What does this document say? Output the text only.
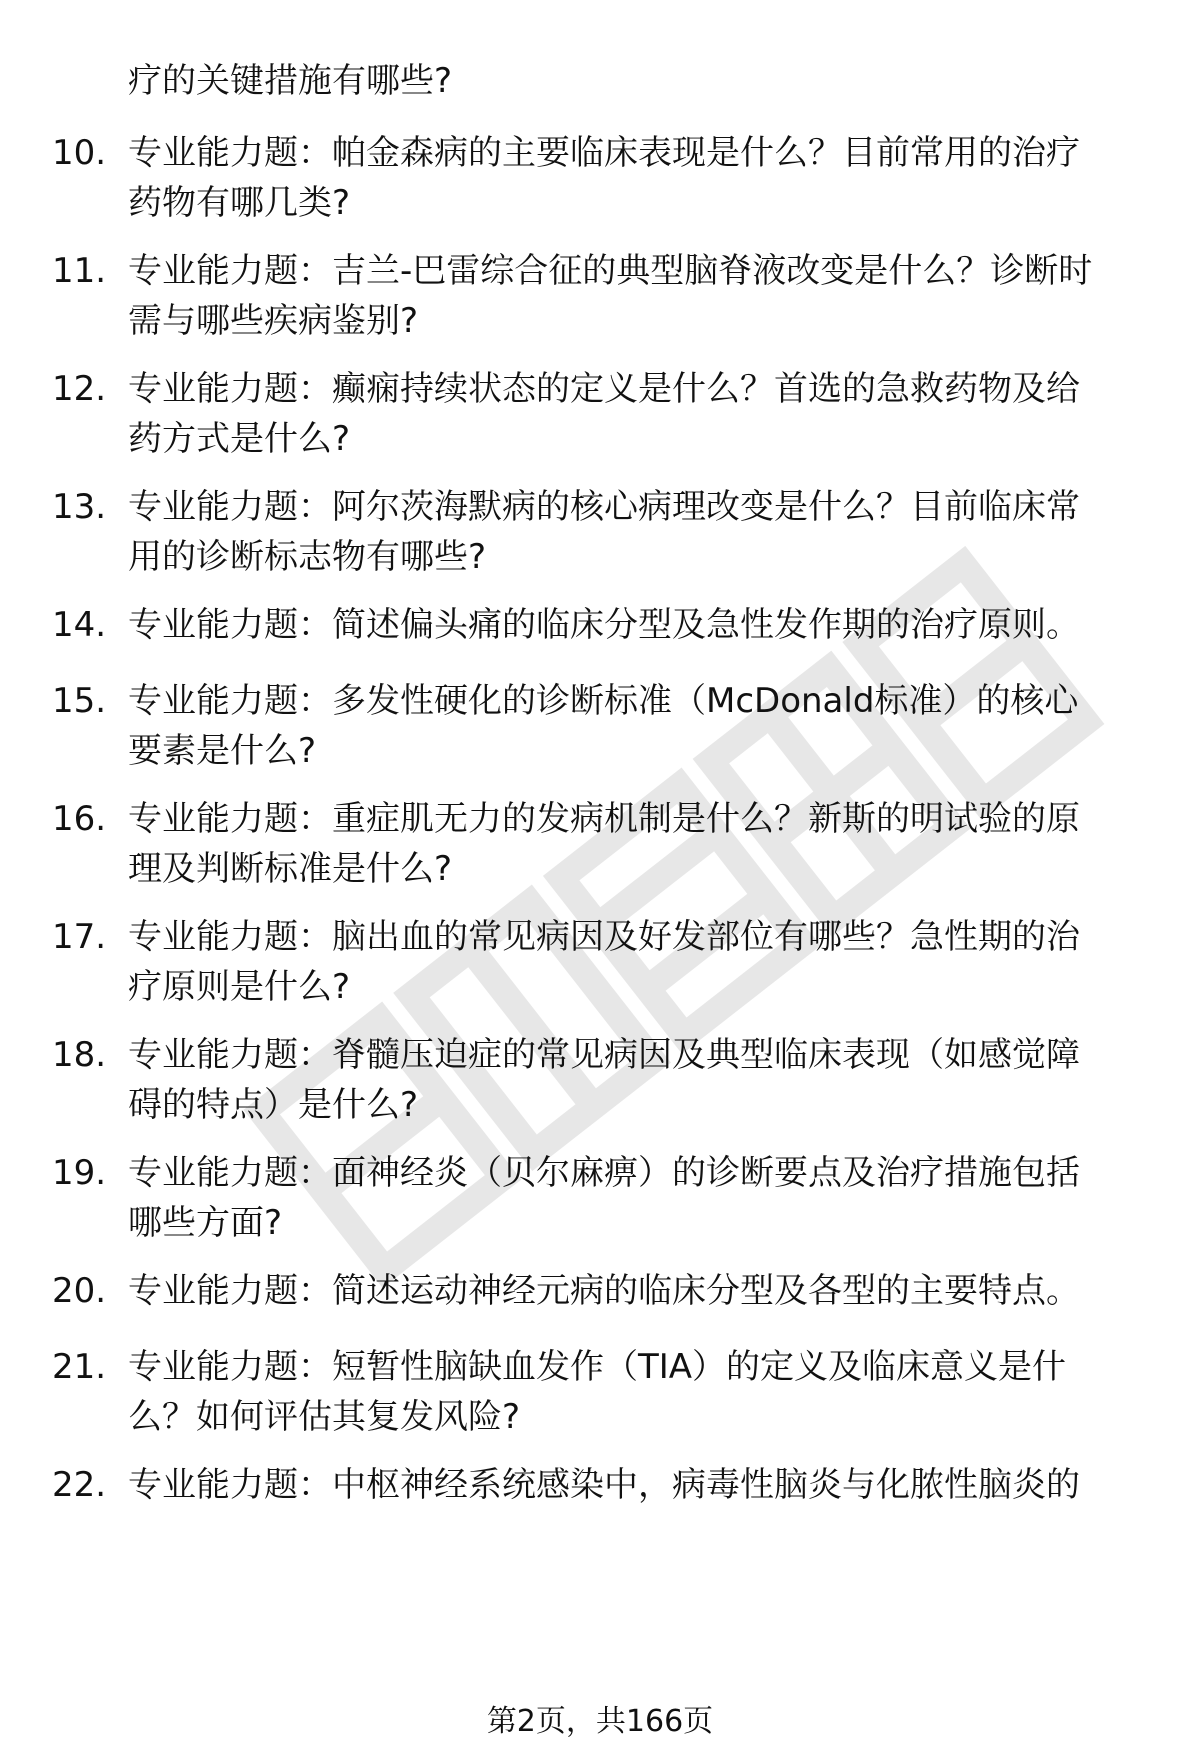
疗的关键措施有哪些?
10. 专业能力题：帕金森病的主要临床表现是什么？目前常用的治疗
药物有哪几类?
11. 专业能力题：吉兰-巴雷综合征的典型脑脊液改变是什么？诊断时
需与哪些疾病鉴别?
12. 专业能力题：癫痫持续状态的定义是什么？首选的急救药物及给
药方式是什么?
13. 专业能力题：阿尔茨海默病的核心病理改变是什么？目前临床常
用的诊断标志物有哪些?
14. 专业能力题：简述偏头痛的临床分型及急性发作期的治疗原则。
15. 专业能力题：多发性硬化的诊断标准（McDonald标准）的核心
要素是什么?
16. 专业能力题：重症肌无力的发病机制是什么？新斯的明试验的原
理及判断标准是什么?
17. 专业能力题：脑出血的常见病因及好发部位有哪些？急性期的治
疗原则是什么?
18. 专业能力题：脊髓压迫症的常见病因及典型临床表现（如感觉障
碍的特点）是什么?
19. 专业能力题：面神经炎（贝尔麻痹）的诊断要点及治疗措施包括
哪些方面?
20. 专业能力题：简述运动神经元病的临床分型及各型的主要特点。
21. 专业能力题：短暂性脑缺血发作（TIA）的定义及临床意义是什
么？如何评估其复发风险?
22. 专业能力题：中枢神经系统感染中，病毒性脑炎与化脓性脑炎的
第2页，共166页
